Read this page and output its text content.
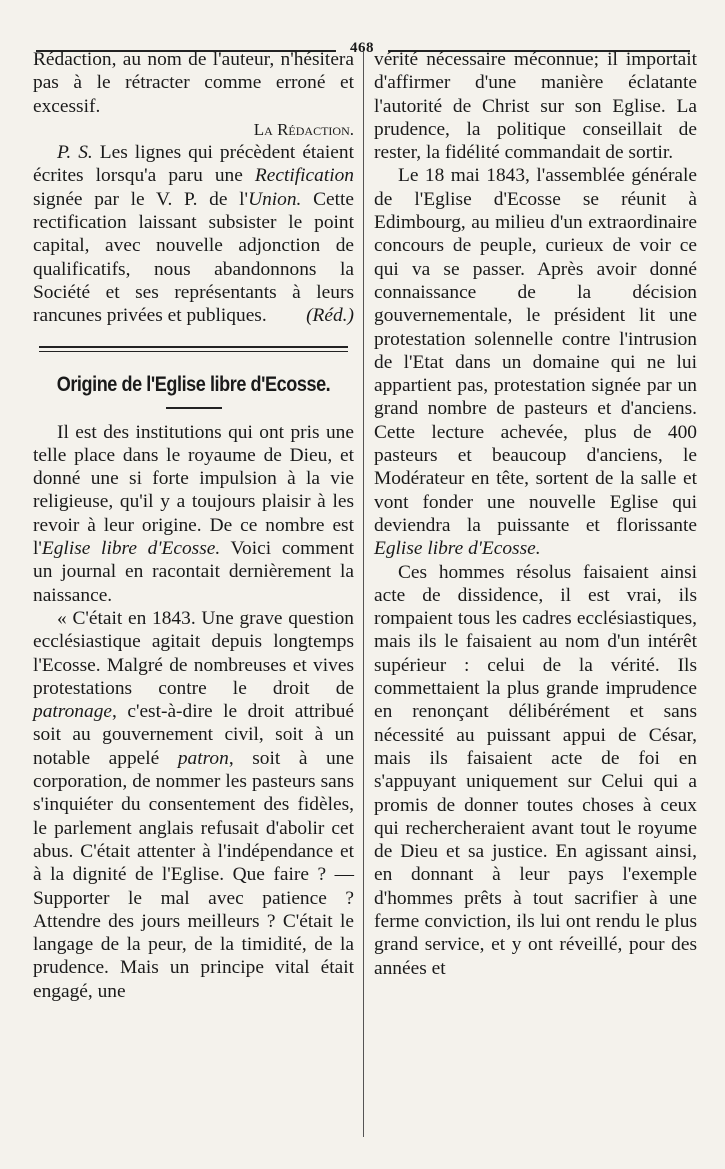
468

Rédaction, au nom de l'auteur, n'hésitera pas à le rétracter comme erroné et excessif.

La Rédaction.

P. S. Les lignes qui précèdent étaient écrites lorsqu'a paru une Rectification signée par le V. P. de l'Union. Cette rectification laissant subsister le point capital, avec nouvelle adjonction de qualificatifs, nous abandonnons la Société et ses représentants à leurs rancunes privées et publiques.	(Réd.)

Origine de l'Eglise libre d'Ecosse.

Il est des institutions qui ont pris une telle place dans le royaume de Dieu, et donné une si forte impulsion à la vie religieuse, qu'il y a toujours plaisir à les revoir à leur origine. De ce nombre est l'Eglise libre d'Ecosse. Voici comment un journal en racontait dernièrement la naissance.

« C'était en 1843. Une grave question ecclésiastique agitait depuis longtemps l'Ecosse. Malgré de nombreuses et vives protestations contre le droit de patronage, c'est-à-dire le droit attribué soit au gouvernement civil, soit à un notable appelé patron, soit à une corporation, de nommer les pasteurs sans s'inquiéter du consentement des fidèles, le parlement anglais refusait d'abolir cet abus. C'était attenter à l'indépendance et à la dignité de l'Eglise. Que faire ? — Supporter le mal avec patience ? Attendre des jours meilleurs ? C'était le langage de la peur, de la timidité, de la prudence. Mais un principe vital était engagé, une

vérité nécessaire méconnue; il importait d'affirmer d'une manière éclatante l'autorité de Christ sur son Eglise. La prudence, la politique conseillait de rester, la fidélité commandait de sortir.

Le 18 mai 1843, l'assemblée générale de l'Eglise d'Ecosse se réunit à Edimbourg, au milieu d'un extraordinaire concours de peuple, curieux de voir ce qui va se passer. Après avoir donné connaissance de la décision gouvernementale, le président lit une protestation solennelle contre l'intrusion de l'Etat dans un domaine qui ne lui appartient pas, protestation signée par un grand nombre de pasteurs et d'anciens. Cette lecture achevée, plus de 400 pasteurs et beaucoup d'anciens, le Modérateur en tête, sortent de la salle et vont fonder une nouvelle Eglise qui deviendra la puissante et florissante Eglise libre d'Ecosse.

Ces hommes résolus faisaient ainsi acte de dissidence, il est vrai, ils rompaient tous les cadres ecclésiastiques, mais ils le faisaient au nom d'un intérêt supérieur : celui de la vérité. Ils commettaient la plus grande imprudence en renonçant délibérément et sans nécessité au puissant appui de César, mais ils faisaient acte de foi en s'appuyant uniquement sur Celui qui a promis de donner toutes choses à ceux qui rechercheraient avant tout le royume de Dieu et sa justice. En agissant ainsi, en donnant à leur pays l'exemple d'hommes prêts à tout sacrifier à une ferme conviction, ils lui ont rendu le plus grand service, et y ont réveillé, pour des années et
